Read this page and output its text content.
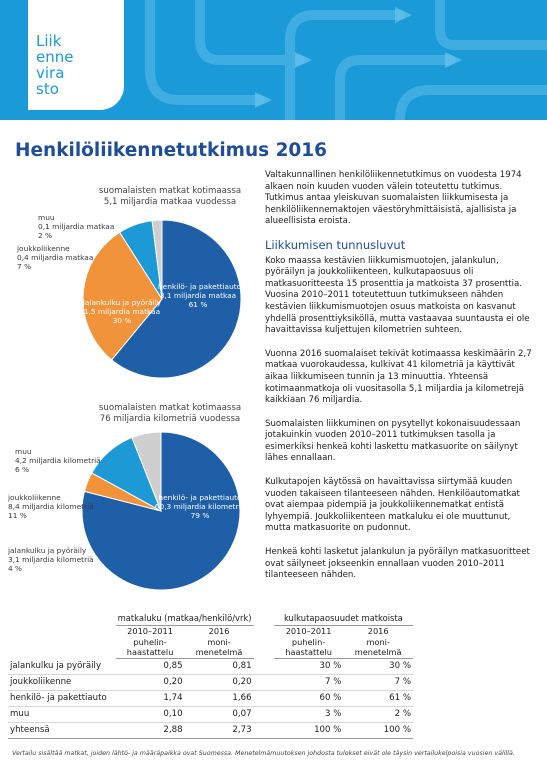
Liik
enne
vira
sto
Henkilöliikennetutkimus 2016
suomalaisten matkat kotimaassa
5,1 miljardia matkaa vuodessa
muu
0,1 miljardia matkaa
2 %
joukkoliikenne
0,4 miljardia matkaa
7 %
jalankulku ja pyöräily
1,5 miljardia matkaa
30 %
henkilö- ja pakettiauto
3,1 miljardia matkaa
61 %
suomalaisten matkat kotimaassa
76 miljardia kilometriä vuodessa
muu
4,2 miljardia kilometriä
6 %
joukkoliikenne
8,4 miljardia kilometriä
11 %
jalankulku ja pyöräily
3,1 miljardia kilometriä
4 %
henkilö- ja pakettiauto
60,3 miljardia kilometriä
79 %

Valtakunnallinen henkilöliikennetutkimus on vuodesta 1974 alkaen noin kuuden vuoden välein toteutettu tutkimus. Tutkimus antaa yleiskuvan suomalaisten liikkumisesta ja henkilöliikennemaktojen väestöryhmittäisistä, ajallisista ja alueellisista eroista.

Liikkumisen tunnusluvut

Koko maassa kestävien liikkumismuotojen, jalankulun, pyöräilyn ja joukkoliikenteen, kulkutapaosuus oli matkasuoritteesta 15 prosenttia ja matkoista 37 prosenttia. Vuosina 2010–2011 toteutettuun tutkimukseen nähden kestävien liikkumismuotojen osuus matkoista on kasvanut yhdellä prosenttiyksiköllä, mutta vastaavaa suuntausta ei ole havaittavissa kuljettujen kilometrien suhteen.

Vuonna 2016 suomalaiset tekivät kotimaassa keskimäärin 2,7 matkaa vuorokaudessa, kulkivat 41 kilometriä ja käyttivät aikaa liikkumiseen tunnin ja 13 minuuttia. Yhteensä kotimaanmatkoja oli vuositasolla 5,1 miljardia ja kilometrejä kaikkiaan 76 miljardia.

Suomalaisten liikkuminen on pysytellyt kokonaisuudessaan jotakuinkin vuoden 2010–2011 tutkimuksen tasolla ja esimerkiksi henkeä kohti laskettu matkasuorite on säilynyt lähes ennallaan.

Kulkutapojen käytössä on havaittavissa siirtymää kuuden vuoden takaiseen tilanteeseen nähden. Henkilöautomatkat ovat aiempaa pidempiä ja joukkoliikennematkat entistä lyhyempiä. Joukkoliikenteen matkaluku ei ole muuttunut, mutta matkasuorite on pudonnut.

Henkeä kohti lasketut jalankulun ja pyöräilyn matkasuoritteet ovat säilyneet jokseenkin ennallaan vuoden 2010–2011 tilanteeseen nähden.

	matkaluku (matkaa/henkilö/vrk)			kulkutapaosuudet matkoista	
	2010–2011	2016		2010–2011	2016
	puhelin-	moni-		puhelin-	moni-
	haastattelu	menetelmä		haastattelu	menetelmä
jalankulku ja pyöräily	0,85	0,81		30 %	30 %
joukkoliikenne	0,20	0,20		7 %	7 %
henkilö- ja pakettiauto	1,74	1,66		60 %	61 %
muu	0,10	0,07		3 %	2 %
yhteensä	2,88	2,73		100 %	100 %
Vertailu sisältää matkat, joiden lähtö- ja määräpaikka ovat Suomessa. Menetelmämuutoksen johdosta tulokset eivät ole täysin vertailukelpoisia vuosien välillä.
